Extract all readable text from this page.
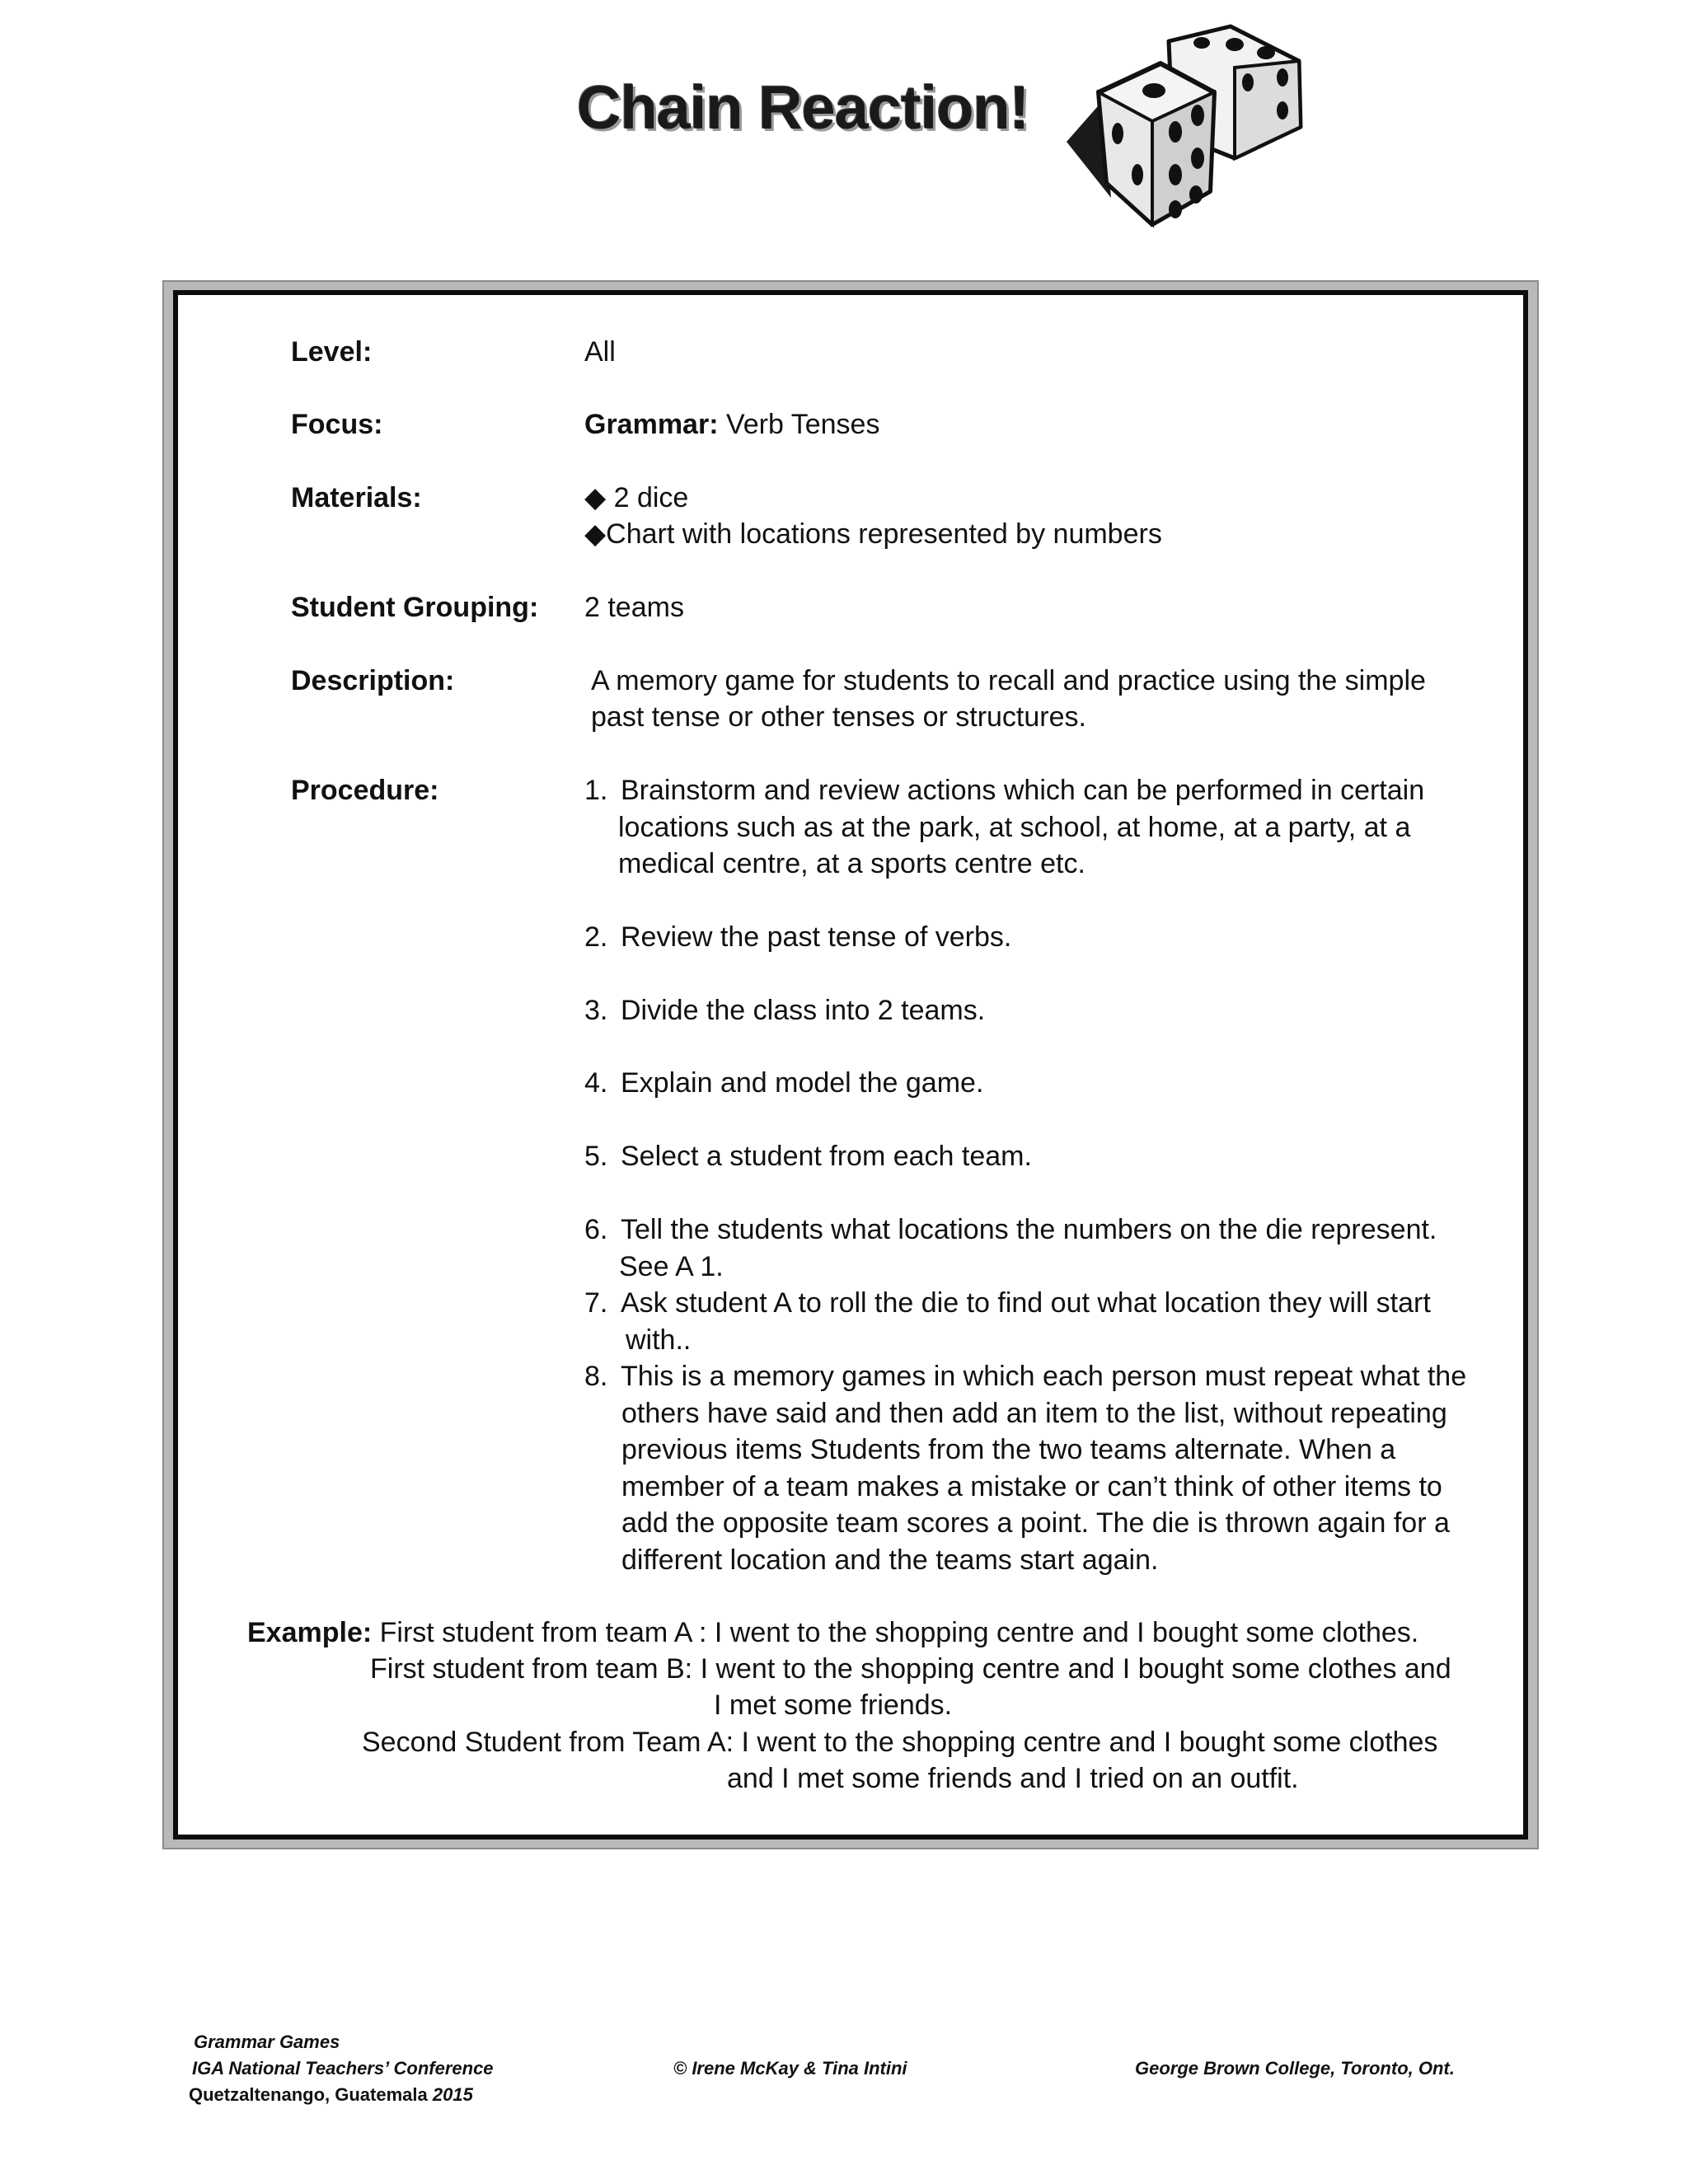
Chain Reaction!
Level:	All
Focus:	Grammar: Verb Tenses
Materials:	◆ 2 dice
◆Chart with locations represented by numbers
Student Grouping: 2 teams
Description:	A memory game for students to recall and practice using the simple
past tense or other tenses or structures.
Procedure:	1. Brainstorm and review actions which can be performed in certain
locations such as at the park, at school, at home, at a party, at a
medical centre, at a sports centre etc.
2. Review the past tense of verbs.
3. Divide the class into 2 teams.
4. Explain and model the game.
5. Select a student from each team.
6. Tell the students what locations the numbers on the die represent.
See A 1.
7. Ask student A to roll the die to find out what location they will start
with..
8. This is a memory games in which each person must repeat what the
others have said and then add an item to the list, without repeating
previous items Students from the two teams alternate. When a
member of a team makes a mistake or can’t think of other items to
add the opposite team scores a point. The die is thrown again for a
different location and the teams start again.
Example: First student from team A : I went to the shopping centre and I bought some clothes.
First student from team B: I went to the shopping centre and I bought some clothes and
I met some friends.
Second Student from Team A: I went to the shopping centre and I bought some clothes
and I met some friends and I tried on an outfit.
Grammar Games
IGA National Teachers’ Conference
Quetzaltenango, Guatemala 2015
© Irene McKay & Tina Intini	George Brown College, Toronto, Ont.
